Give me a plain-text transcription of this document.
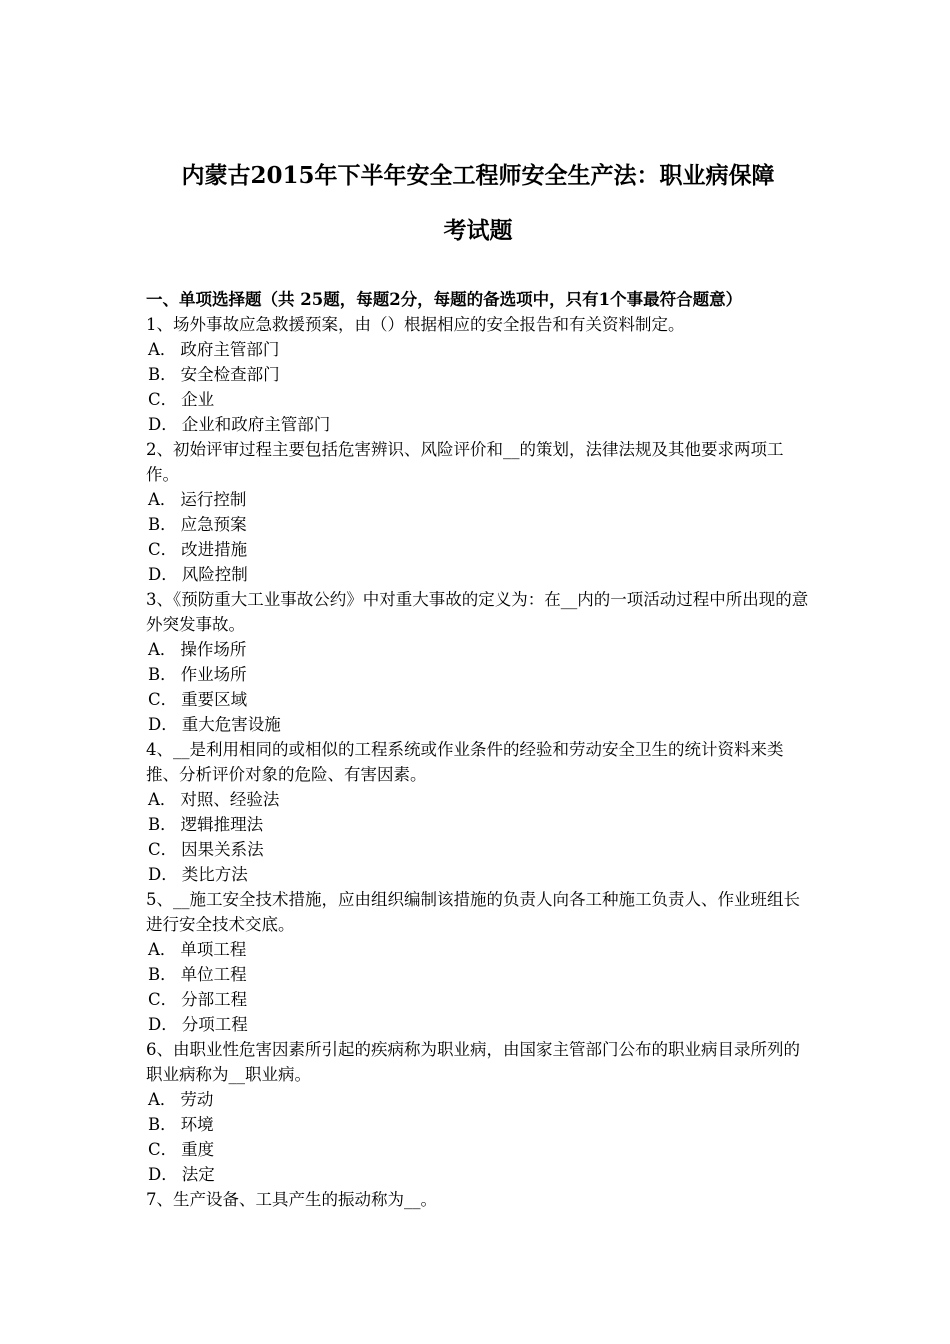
内蒙古2015年下半年安全工程师安全生产法：职业病保障
考试题
一、单项选择题（共 25题，每题2分，每题的备选项中，只有1个事最符合题意）
1、场外事故应急救援预案，由（）根据相应的安全报告和有关资料制定。
A． 政府主管部门
B． 安全检查部门
C． 企业
D． 企业和政府主管部门
2、初始评审过程主要包括危害辨识、风险评价和__的策划，法律法规及其他要求两项工作。
A． 运行控制
B． 应急预案
C． 改进措施
D． 风险控制
3、《预防重大工业事故公约》中对重大事故的定义为：在__内的一项活动过程中所出现的意外突发事故。
A． 操作场所
B． 作业场所
C． 重要区域
D． 重大危害设施
4、__是利用相同的或相似的工程系统或作业条件的经验和劳动安全卫生的统计资料来类推、分析评价对象的危险、有害因素。
A． 对照、经验法
B． 逻辑推理法
C． 因果关系法
D． 类比方法
5、__施工安全技术措施，应由组织编制该措施的负责人向各工种施工负责人、作业班组长进行安全技术交底。
A． 单项工程
B． 单位工程
C． 分部工程
D． 分项工程
6、由职业性危害因素所引起的疾病称为职业病，由国家主管部门公布的职业病目录所列的职业病称为__职业病。
A． 劳动
B． 环境
C． 重度
D． 法定
7、生产设备、工具产生的振动称为__。
